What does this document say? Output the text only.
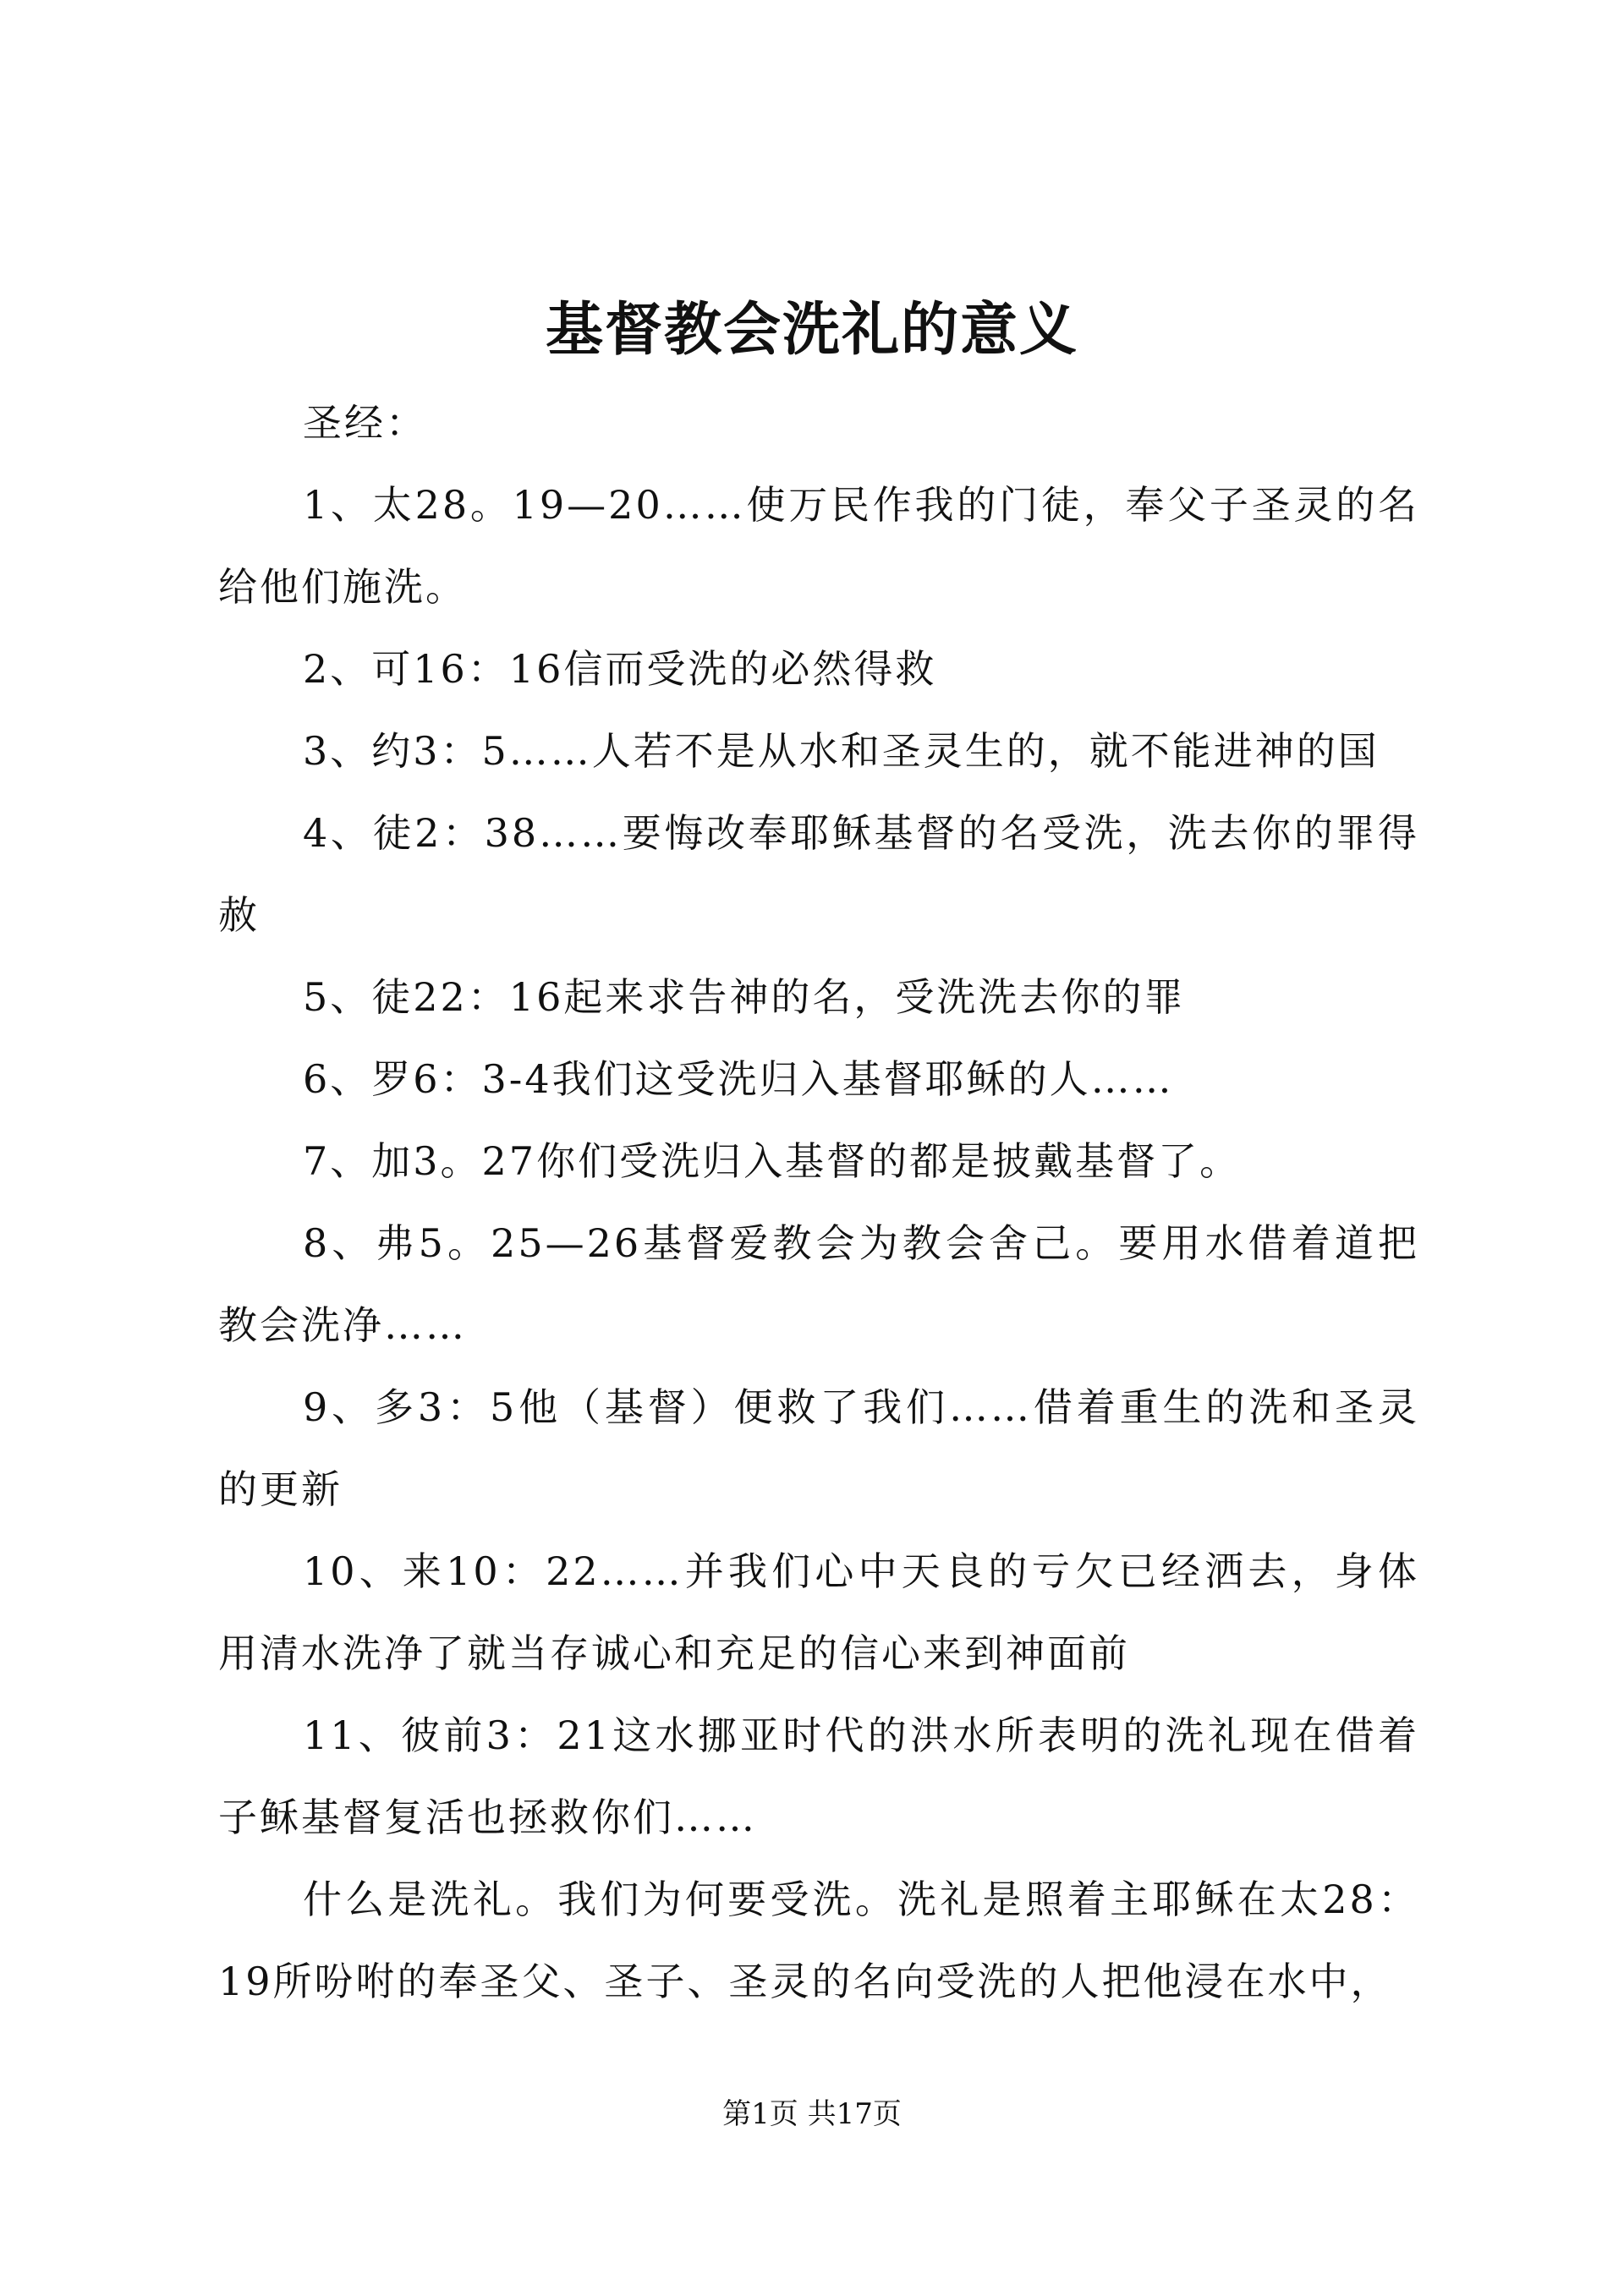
基督教会洗礼的意义

圣经：

1、太28。19—20……使万民作我的门徒，奉父子圣灵的名给他们施洗。

2、可16：16信而受洗的必然得救

3、约3：5……人若不是从水和圣灵生的，就不能进神的国

4、徒2：38……要悔改奉耶稣基督的名受洗，洗去你的罪得赦

5、徒22：16起来求告神的名，受洗洗去你的罪

6、罗6：3-4我们这受洗归入基督耶稣的人……

7、加3。27你们受洗归入基督的都是披戴基督了。

8、弗5。25—26基督爱教会为教会舍己。要用水借着道把教会洗净……

9、多3：5他（基督）便救了我们……借着重生的洗和圣灵的更新

10、来10：22……并我们心中天良的亏欠已经洒去，身体用清水洗净了就当存诚心和充足的信心来到神面前

11、彼前3：21这水挪亚时代的洪水所表明的洗礼现在借着子稣基督复活也拯救你们……

什么是洗礼。我们为何要受洗。洗礼是照着主耶稣在太28：19所吩咐的奉圣父、圣子、圣灵的名向受洗的人把他浸在水中，

第1页 共17页
